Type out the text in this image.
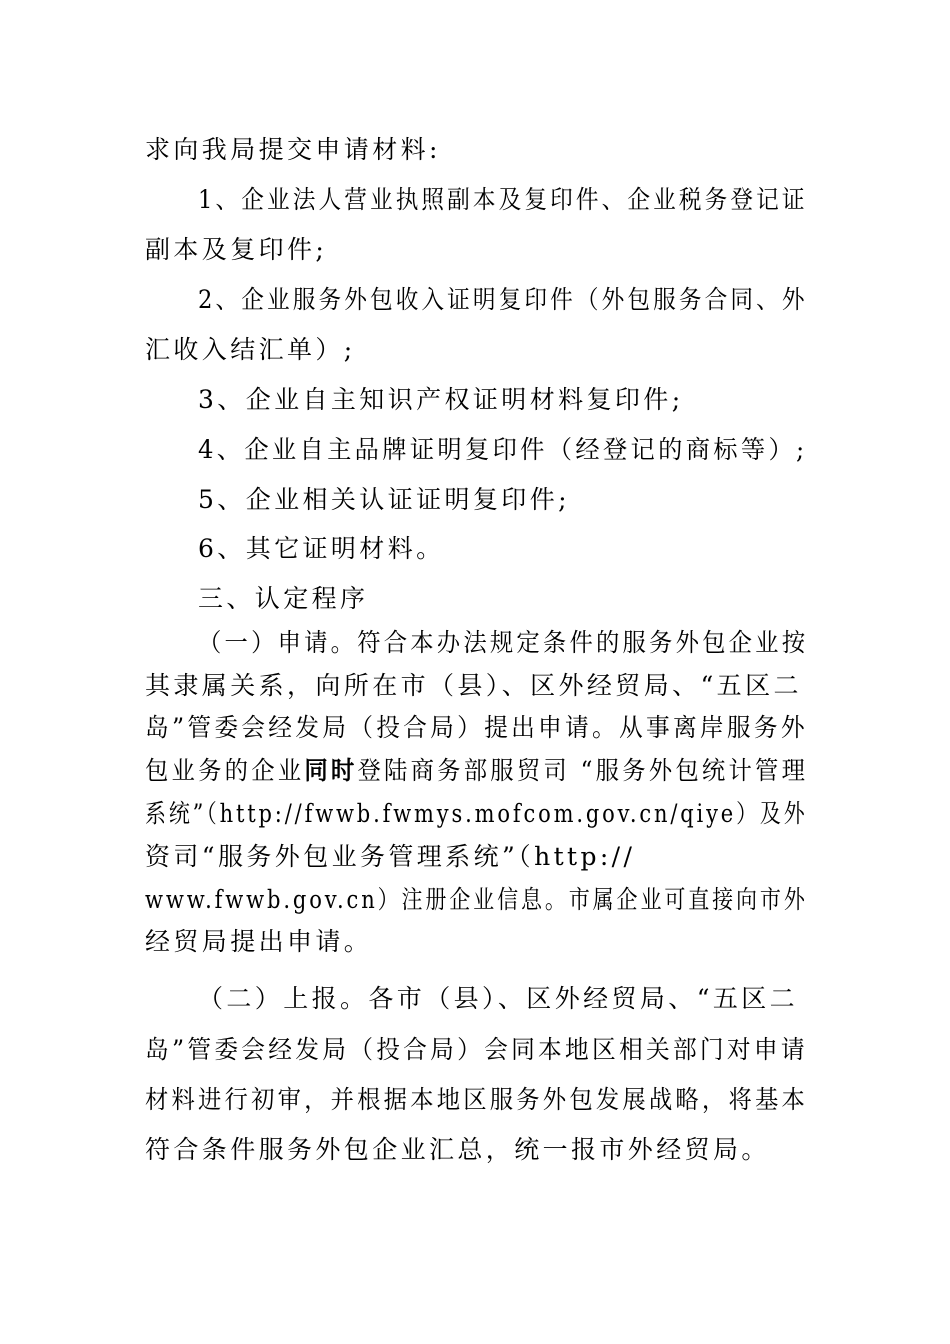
求向我局提交申请材料:
1、企业法人营业执照副本及复印件、企业税务登记证
副本及复印件;
2、企业服务外包收入证明复印件（外包服务合同、外
汇收入结汇单）;
3、企业自主知识产权证明材料复印件;
4、企业自主品牌证明复印件（经登记的商标等）;
5、企业相关认证证明复印件;
6、其它证明材料。
三、认定程序
（一）申请。符合本办法规定条件的服务外包企业按
其隶属关系，向所在市（县）、区外经贸局、“五区二
岛”管委会经发局（投合局）提出申请。从事离岸服务外
包业务的企业同时登陆商务部服贸司 “服务外包统计管理
系统”（http://fwwb.fwmys.mofcom.gov.cn/qiye）及外
资司“服务外包业务管理系统”（http://
www.fwwb.gov.cn）注册企业信息。市属企业可直接向市外
经贸局提出申请。
（二）上报。各市（县）、区外经贸局、“五区二
岛”管委会经发局（投合局）会同本地区相关部门对申请
材料进行初审，并根据本地区服务外包发展战略，将基本
符合条件服务外包企业汇总，统一报市外经贸局。
